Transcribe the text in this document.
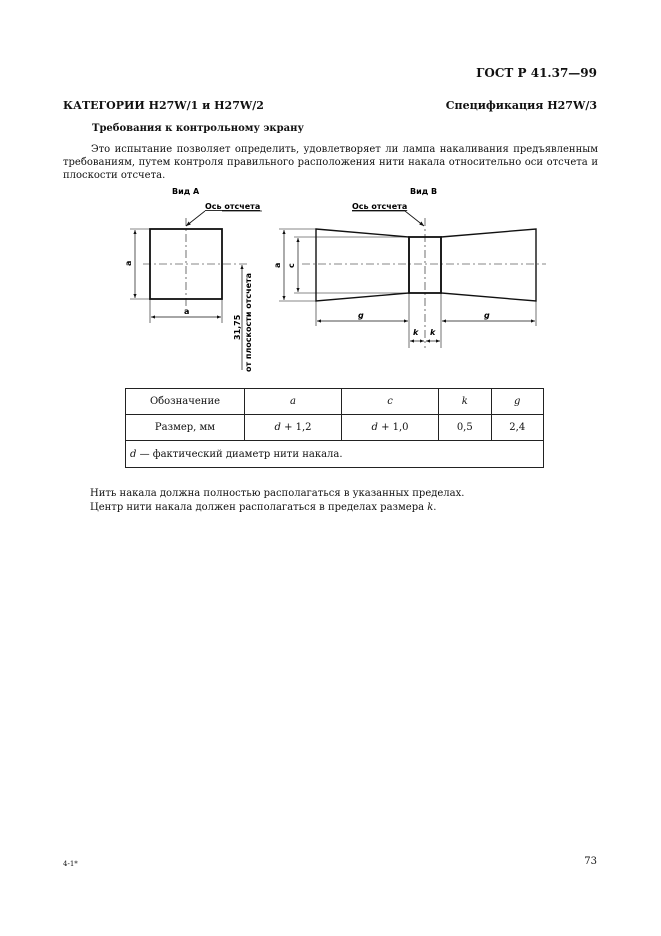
ГОСТ Р 41.37—99
КАТЕГОРИИ H27W/1 и H27W/2	Спецификация H27W/3
Требования к контрольному экрану
Это испытание позволяет определить, удовлетворяет ли лампа накаливания предъявленным требованиям, путем контроля правильного расположения нити накала относительно оси отсчета и плоскости отсчета.
Вид А
Ось отсчета
a
a
31,75 от плоскости отсчета
Вид В
Ось отсчета
a c
g	g
k k
Обозначение	a	c	k	g
Размер, мм	d + 1,2	d + 1,0	0,5	2,4
d — фактический диаметр нити накала.				
Нить накала должна полностью располагаться в указанных пределах.
Центр нити накала должен располагаться в пределах размера k.
4-1*	73
